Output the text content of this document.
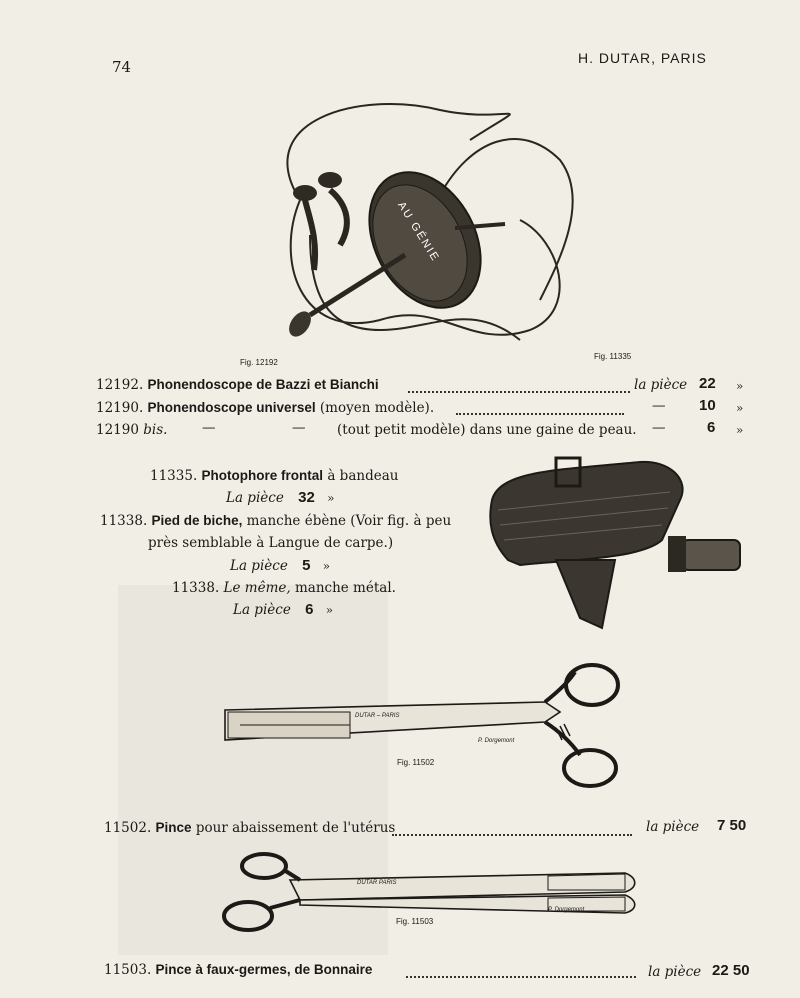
74	H. DUTAR, PARIS
AU GÉNIE
Fig. 12192
Fig. 11335
12192. Phonendoscope de Bazzi et Bianchi	la pièce 22 »
12190. Phonendoscope universel (moyen modèle).	— 10 »
12190 bis.	—	— (tout petit modèle) dans une gaine de peau. —	6 »
11335. Photophore frontal à bandeau
La pièce 32 »
11338. Pied de biche, manche ébène (Voir fig. à peu
près semblable à Langue de carpe.)
La pièce 5 »
11338. Le même, manche métal.
La pièce 6 »
DUTAR – PARIS
P. Dorgemont
Fig. 11502
11502. Pince pour abaissement de l'utérus	la pièce 7 50
DUTAR PARIS
P. Dorgemont
Fig. 11503
11503. Pince à faux-germes, de Bonnaire	la pièce 22 50
